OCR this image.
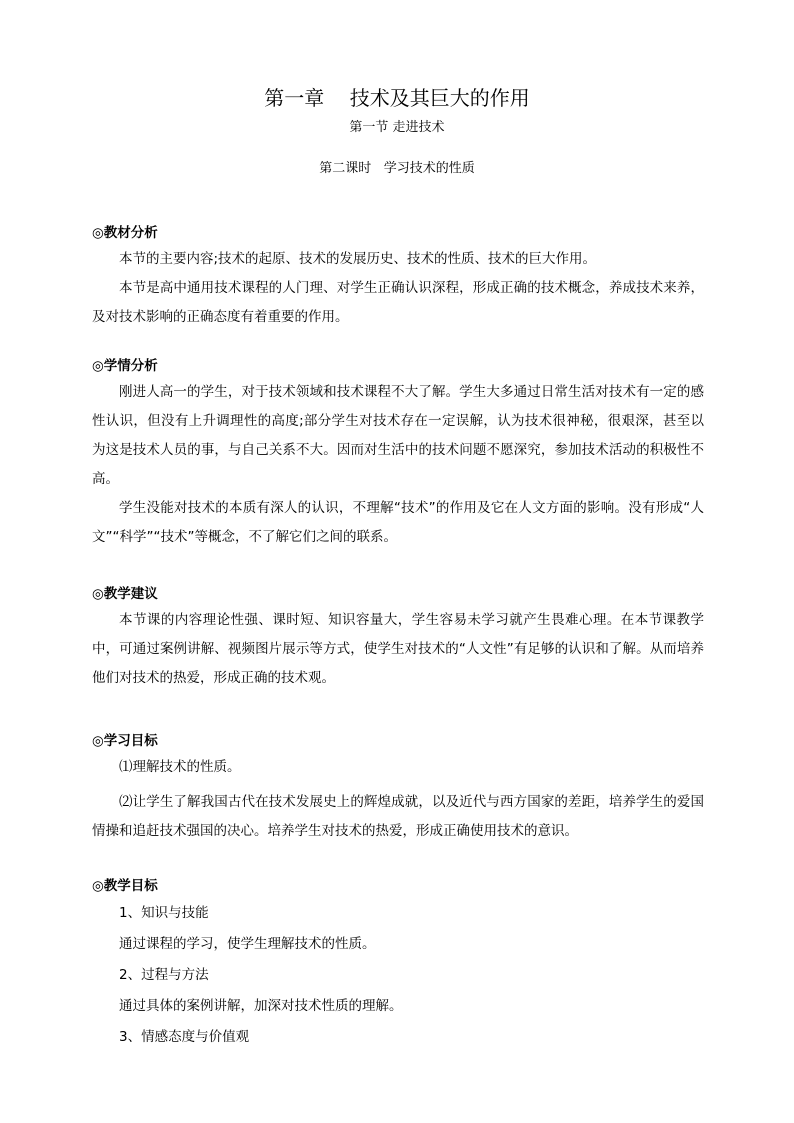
第一章    技术及其巨大的作用
第一节 走进技术
第二课时   学习技术的性质
◎教材分析

本节的主要内容;技术的起原、技术的发展历史、技术的性质、技术的巨大作用。

本节是高中通用技术课程的人门理、对学生正确认识深程，形成正确的技术概念，养成技术来养，及对技术影响的正确态度有着重要的作用。

◎学情分析

刚进人高一的学生，对于技术领域和技术课程不大了解。学生大多通过日常生活对技术有一定的感性认识，但没有上升调理性的高度;部分学生对技术存在一定误解，认为技术很神秘，很艰深，甚至以为这是技术人员的事，与自己关系不大。因而对生活中的技术问题不愿深究，参加技术活动的积极性不高。

学生没能对技术的本质有深人的认识，不理解“技术”的作用及它在人文方面的影响。没有形成“人文”“科学”“技术”等概念，不了解它们之间的联系。

◎教学建议

本节课的内容理论性强、课时短、知识容量大，学生容易未学习就产生畏难心理。在本节课教学中，可通过案例讲解、视频图片展示等方式，使学生对技术的“人文性”有足够的认识和了解。从而培养他们对技术的热爱，形成正确的技术观。

◎学习目标

⑴理解技术的性质。

⑵让学生了解我国古代在技术发展史上的辉煌成就，以及近代与西方国家的差距，培养学生的爱国情操和追赶技术强国的决心。培养学生对技术的热爱，形成正确使用技术的意识。

◎教学目标
1、知识与技能
通过课程的学习，使学生理解技术的性质。
2、过程与方法
通过具体的案例讲解，加深对技术性质的理解。
3、情感态度与价值观
